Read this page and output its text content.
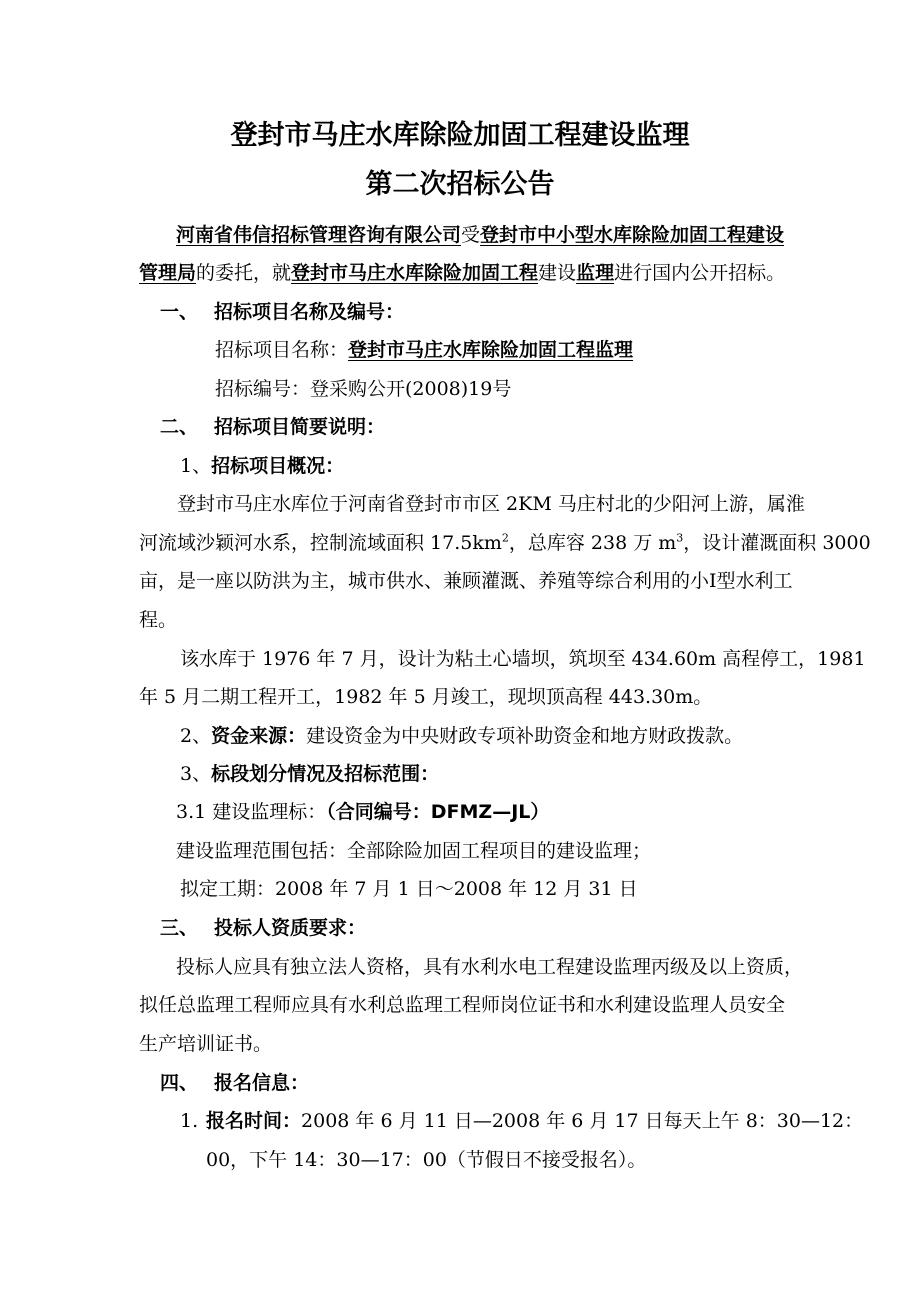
登封市马庄水库除险加固工程建设监理
第二次招标公告
河南省伟信招标管理咨询有限公司受登封市中小型水库除险加固工程建设
管理局的委托，就登封市马庄水库除险加固工程建设监理进行国内公开招标。
一、 招标项目名称及编号：
招标项目名称：登封市马庄水库除险加固工程监理
招标编号：登采购公开(2008)19号
二、 招标项目简要说明：
1、招标项目概况：
登封市马庄水库位于河南省登封市市区 2KM 马庄村北的少阳河上游，属淮
河流域沙颖河水系，控制流域面积 $17.5km^2$，总库容 238 万 $m^3$，设计灌溉面积 3000
亩，是一座以防洪为主，城市供水、兼顾灌溉、养殖等综合利用的小Ⅰ型水利工
程。
该水库于 1976 年 7 月，设计为粘土心墙坝，筑坝至 434.60m 高程停工，1981
年 5 月二期工程开工，1982 年 5 月竣工，现坝顶高程 443.30m。
2、资金来源：建设资金为中央财政专项补助资金和地方财政拨款。
3、标段划分情况及招标范围：
3.1 建设监理标：（合同编号：DFMZ—JL）
建设监理范围包括：全部除险加固工程项目的建设监理；
拟定工期：2008 年 7 月 1 日～2008 年 12 月 31 日
三、 投标人资质要求：
投标人应具有独立法人资格，具有水利水电工程建设监理丙级及以上资质，
拟任总监理工程师应具有水利总监理工程师岗位证书和水利建设监理人员安全
生产培训证书。
四、 报名信息：
1. 报名时间：2008 年 6 月 11 日—2008 年 6 月 17 日每天上午 8：30—12：
00，下午 14：30—17：00（节假日不接受报名）。
